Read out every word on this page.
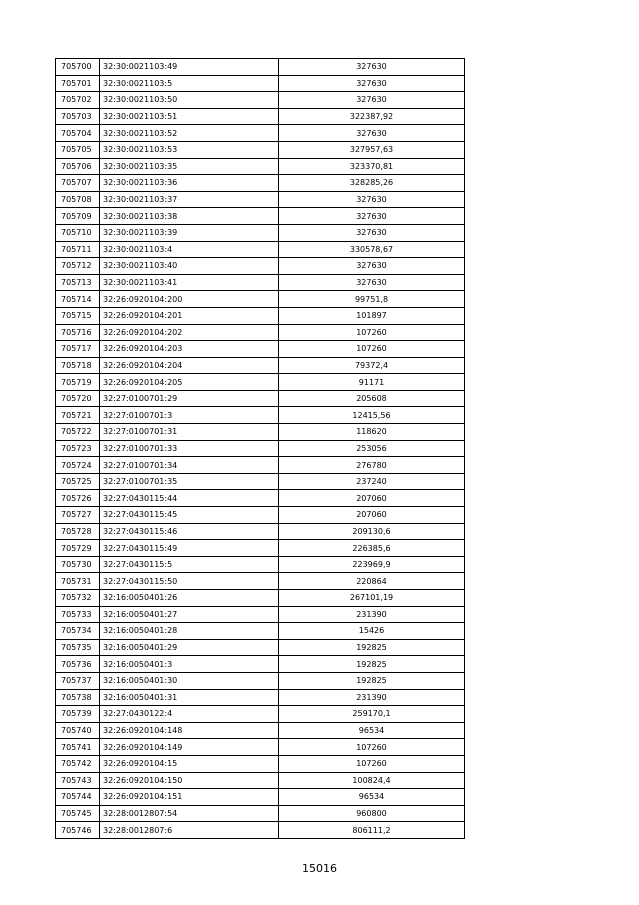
705700	32:30:0021103:49	327630
705701	32:30:0021103:5	327630
705702	32:30:0021103:50	327630
705703	32:30:0021103:51	322387,92
705704	32:30:0021103:52	327630
705705	32:30:0021103:53	327957,63
705706	32:30:0021103:35	323370,81
705707	32:30:0021103:36	328285,26
705708	32:30:0021103:37	327630
705709	32:30:0021103:38	327630
705710	32:30:0021103:39	327630
705711	32:30:0021103:4	330578,67
705712	32:30:0021103:40	327630
705713	32:30:0021103:41	327630
705714	32:26:0920104:200	99751,8
705715	32:26:0920104:201	101897
705716	32:26:0920104:202	107260
705717	32:26:0920104:203	107260
705718	32:26:0920104:204	79372,4
705719	32:26:0920104:205	91171
705720	32:27:0100701:29	205608
705721	32:27:0100701:3	12415,56
705722	32:27:0100701:31	118620
705723	32:27:0100701:33	253056
705724	32:27:0100701:34	276780
705725	32:27:0100701:35	237240
705726	32:27:0430115:44	207060
705727	32:27:0430115:45	207060
705728	32:27:0430115:46	209130,6
705729	32:27:0430115:49	226385,6
705730	32:27:0430115:5	223969,9
705731	32:27:0430115:50	220864
705732	32:16:0050401:26	267101,19
705733	32:16:0050401:27	231390
705734	32:16:0050401:28	15426
705735	32:16:0050401:29	192825
705736	32:16:0050401:3	192825
705737	32:16:0050401:30	192825
705738	32:16:0050401:31	231390
705739	32:27:0430122:4	259170,1
705740	32:26:0920104:148	96534
705741	32:26:0920104:149	107260
705742	32:26:0920104:15	107260
705743	32:26:0920104:150	100824,4
705744	32:26:0920104:151	96534
705745	32:28:0012807:54	960800
705746	32:28:0012807:6	806111,2
15016
